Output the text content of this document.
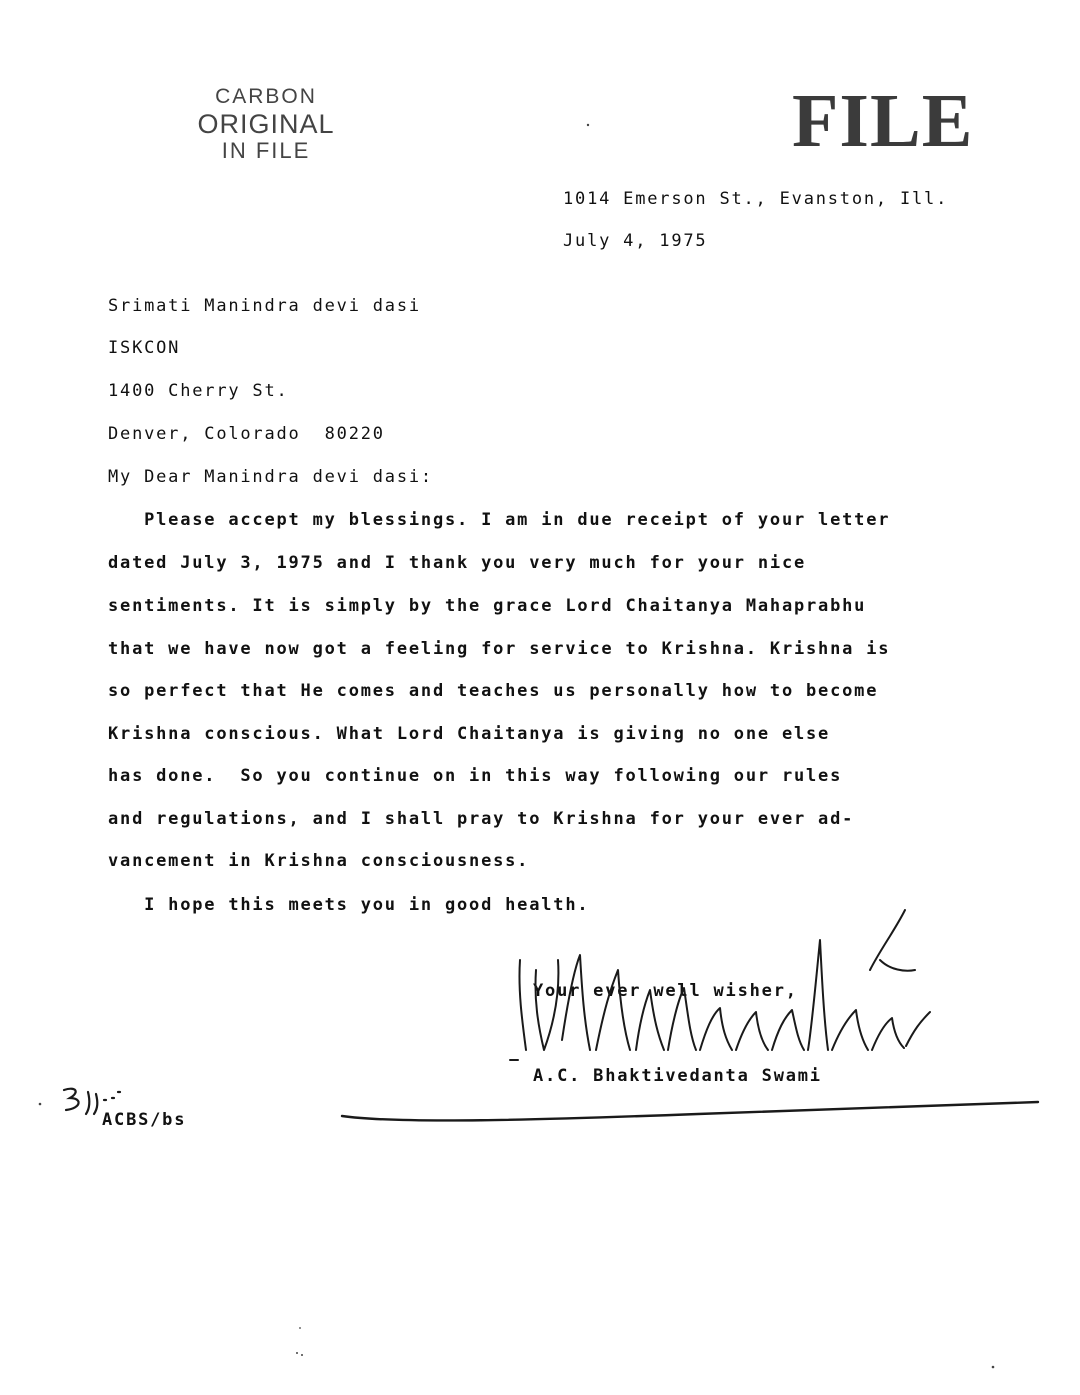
CARBON
ORIGINAL
IN FILE	FILE
1014 Emerson St., Evanston, Ill.
July 4, 1975
Srimati Manindra devi dasi
ISKCON
1400 Cherry St.
Denver, Colorado  80220
My Dear Manindra devi dasi:
Please accept my blessings. I am in due receipt of your letter
dated July 3, 1975 and I thank you very much for your nice
sentiments. It is simply by the grace Lord Chaitanya Mahaprabhu
that we have now got a feeling for service to Krishna. Krishna is
so perfect that He comes and teaches us personally how to become
Krishna conscious. What Lord Chaitanya is giving no one else
has done.  So you continue on in this way following our rules
and regulations, and I shall pray to Krishna for your ever ad-
vancement in Krishna consciousness.
I hope this meets you in good health.
Your ever well wisher,
A.C. Bhaktivedanta Swami
ACBS/bs
